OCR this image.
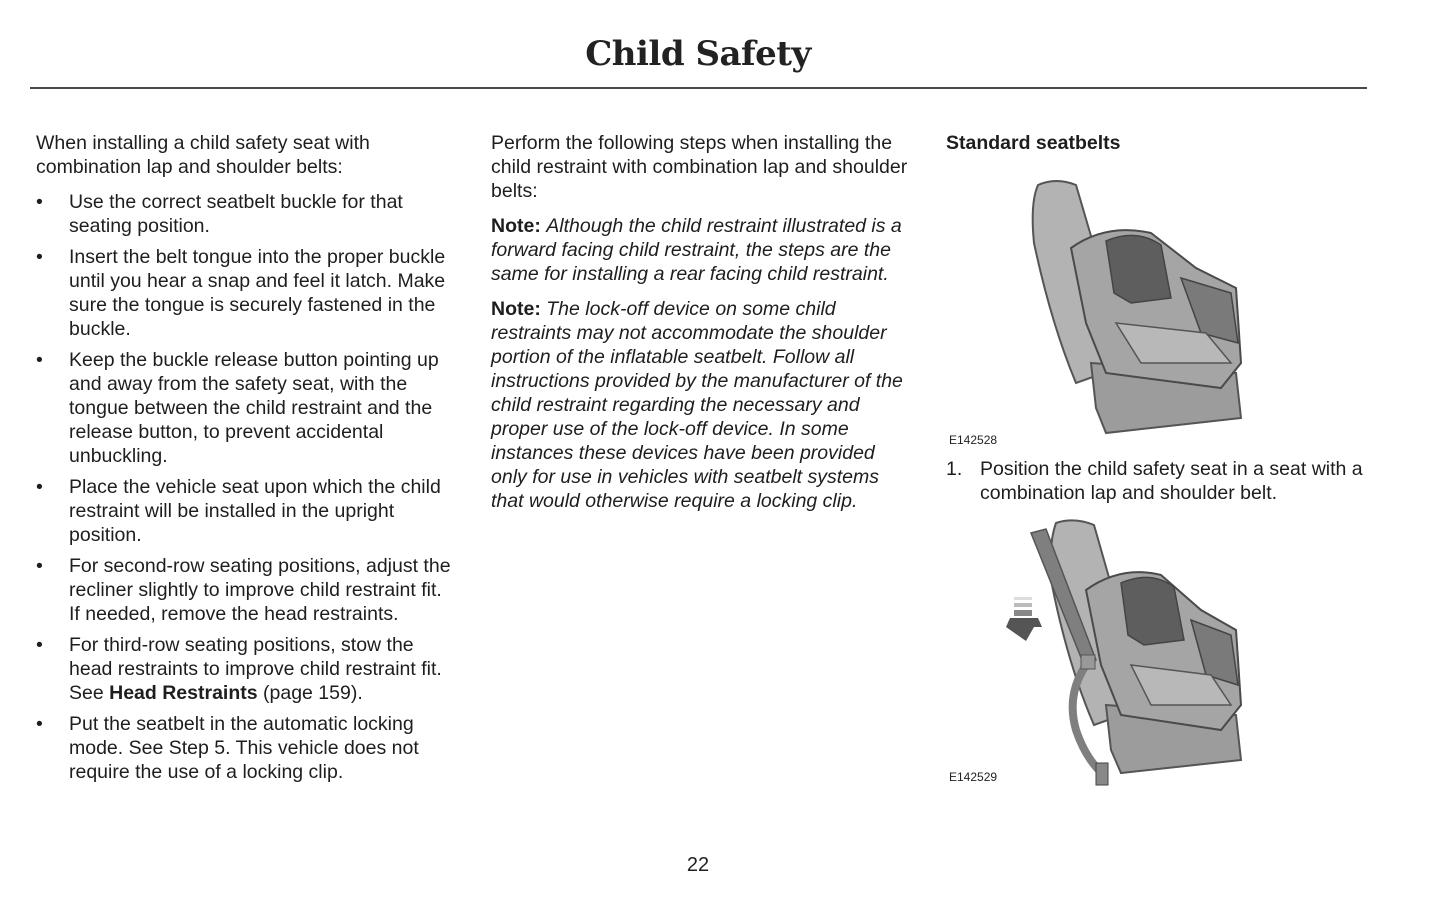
Child Safety

When installing a child safety seat with combination lap and shoulder belts:

• Use the correct seatbelt buckle for that seating position.
• Insert the belt tongue into the proper buckle until you hear a snap and feel it latch. Make sure the tongue is securely fastened in the buckle.
• Keep the buckle release button pointing up and away from the safety seat, with the tongue between the child restraint and the release button, to prevent accidental unbuckling.
• Place the vehicle seat upon which the child restraint will be installed in the upright position.
• For second-row seating positions, adjust the recliner slightly to improve child restraint fit. If needed, remove the head restraints.
• For third-row seating positions, stow the head restraints to improve child restraint fit. See Head Restraints (page 159).
• Put the seatbelt in the automatic locking mode. See Step 5. This vehicle does not require the use of a locking clip.

Perform the following steps when installing the child restraint with combination lap and shoulder belts:

Note: Although the child restraint illustrated is a forward facing child restraint, the steps are the same for installing a rear facing child restraint.

Note: The lock-off device on some child restraints may not accommodate the shoulder portion of the inflatable seatbelt. Follow all instructions provided by the manufacturer of the child restraint regarding the necessary and proper use of the lock-off device. In some instances these devices have been provided only for use in vehicles with seatbelt systems that would otherwise require a locking clip.

Standard seatbelts
E142528
1. Position the child safety seat in a seat with a combination lap and shoulder belt.
E142529
22
